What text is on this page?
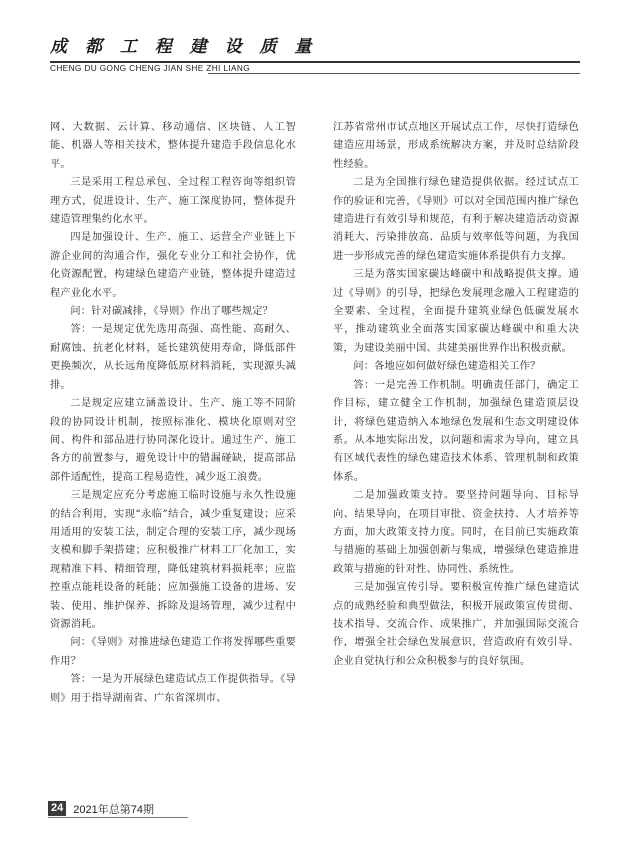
成 都 工 程 建 设 质 量
CHENG DU GONG CHENG JIAN SHE ZHI LIANG

网、大数据、云计算、移动通信、区块链、人工智能、机器人等相关技术，整体提升建造手段信息化水平。

三是采用工程总承包、全过程工程咨询等组织管理方式，促进设计、生产、施工深度协同，整体提升建造管理集约化水平。

四是加强设计、生产、施工、运营全产业链上下游企业间的沟通合作，强化专业分工和社会协作，优化资源配置，构建绿色建造产业链，整体提升建造过程产业化水平。

问：针对碳减排，《导则》作出了哪些规定？

答：一是规定优先选用高强、高性能、高耐久、耐腐蚀、抗老化材料，延长建筑使用寿命，降低部件更换频次，从长远角度降低原材料消耗，实现源头减排。

二是规定应建立涵盖设计、生产、施工等不同阶段的协同设计机制，按照标准化、模块化原则对空间、构件和部品进行协同深化设计。通过生产、施工各方的前置参与，避免设计中的错漏碰缺，提高部品部件适配性，提高工程易造性，减少返工浪费。

三是规定应充分考虑施工临时设施与永久性设施的结合利用，实现“永临”结合，减少重复建设；应采用适用的安装工法，制定合理的安装工序，减少现场支模和脚手架搭建；应积极推广材料工厂化加工，实现精准下料、精细管理，降低建筑材料损耗率；应监控重点能耗设备的耗能；应加强施工设备的进场、安装、使用、维护保养、拆除及退场管理，减少过程中资源消耗。

问：《导则》对推进绿色建造工作将发挥哪些重要作用？

答：一是为开展绿色建造试点工作提供指导。《导则》用于指导湖南省、广东省深圳市、

江苏省常州市试点地区开展试点工作，尽快打造绿色建造应用场景，形成系统解决方案，并及时总结阶段性经验。

二是为全国推行绿色建造提供依据。经过试点工作的验证和完善，《导则》可以对全国范围内推广绿色建造进行有效引导和规范，有利于解决建造活动资源消耗大、污染排放高、品质与效率低等问题，为我国进一步形成完善的绿色建造实施体系提供有力支撑。

三是为落实国家碳达峰碳中和战略提供支撑。通过《导则》的引导，把绿色发展理念融入工程建造的全要素、全过程，全面提升建筑业绿色低碳发展水平，推动建筑业全面落实国家碳达峰碳中和重大决策，为建设美丽中国、共建美丽世界作出积极贡献。

问：各地应如何做好绿色建造相关工作？

答：一是完善工作机制。明确责任部门，确定工作目标，建立健全工作机制，加强绿色建造顶层设计，将绿色建造纳入本地绿色发展和生态文明建设体系。从本地实际出发，以问题和需求为导向，建立具有区域代表性的绿色建造技术体系、管理机制和政策体系。

二是加强政策支持。要坚持问题导向、目标导向、结果导向，在项目审批、资金扶持、人才培养等方面，加大政策支持力度。同时，在目前已实施政策与措施的基础上加强创新与集成，增强绿色建造推进政策与措施的针对性、协同性、系统性。

三是加强宣传引导。要积极宣传推广绿色建造试点的成熟经验和典型做法，积极开展政策宣传贯彻、技术指导、交流合作、成果推广，并加强国际交流合作，增强全社会绿色发展意识，营造政府有效引导、企业自觉执行和公众积极参与的良好氛围。

24 2021年总第74期
